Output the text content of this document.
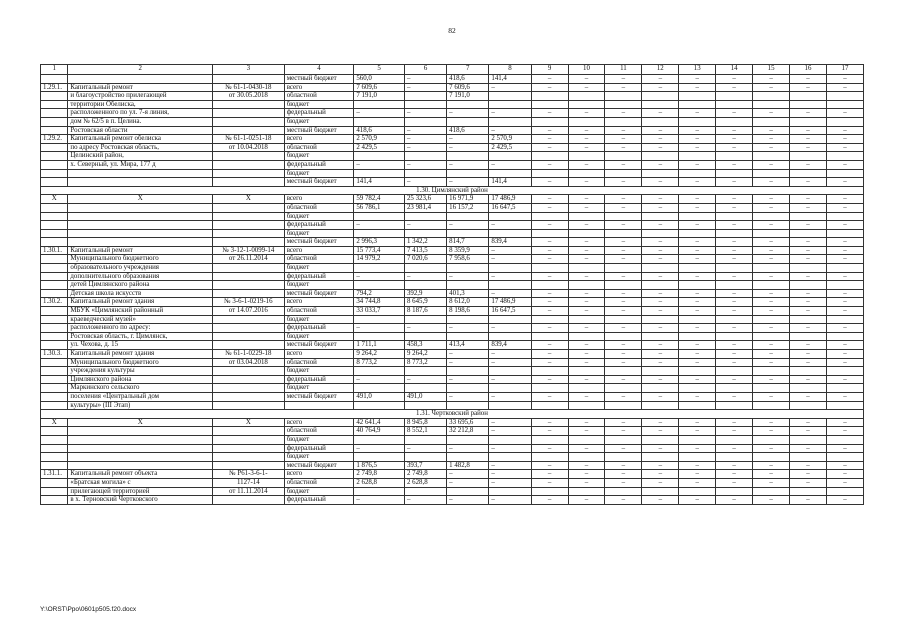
82
1	2	3	4	5	6	7	8	9	10	11	12	13	14	15	16	17
			местный бюджет	560,0	–	418,6	141,4	–	–	–	–	–	–	–	–	–
1.29.1.	Капитальный ремонт	№ 61-1-0430-18	всего	7 609,6	–	7 609,6	–	–	–	–	–	–	–	–	–	–
	и благоустройство прилегающей	от 30.05.2018	областной	7 191,0		7 191,0										
	территории Обелиска,		бюджет													
	расположенного по ул. 7-я линия,		федеральный	–	–	–	–	–	–	–	–	–	–	–	–	–
	дом № 62/5 в п. Целина.		бюджет													
	Ростовская области		местный бюджет	418,6	–	418,6	–	–	–	–	–	–	–	–	–	–
1.29.2.	Капитальный ремонт обелиска	№ 61-1-0251-18	всего	2 570,9	–	–	2 570,9	–	–	–	–	–	–	–	–	–
	по адресу Ростовская область,	от 10.04.2018	областной	2 429,5	–	–	2 429,5	–	–	–	–	–	–	–	–	–
	Целинский район,		бюджет													
	х. Северный, ул. Мира, 177 д		федеральный	–	–	–	–	–	–	–	–	–	–	–	–	–
			бюджет													
			местный бюджет	141,4	–	–	141,4	–	–	–	–	–	–	–	–	–
1.30. Цимлянский район																
X	X	X	всего	59 782,4	25 323,6	16 971,9	17 486,9	–	–	–	–	–	–	–	–	–
			областной	56 786,1	23 981,4	16 157,2	16 647,5	–	–	–	–	–	–	–	–	–
			бюджет													
			федеральный	–	–	–	–	–	–	–	–	–	–	–	–	–
			бюджет													
			местный бюджет	2 996,3	1 342,2	814,7	839,4	–	–	–	–	–	–	–	–	–
1.30.1.	Капитальный ремонт	№ 3-12-1-0099-14	всего	15 773,4	7 413,5	8 359,9	–	–	–	–	–	–	–	–	–	–
	Муниципального бюджетного	от 26.11.2014	областной	14 979,2	7 020,6	7 958,6	–	–	–	–	–	–	–	–	–	–
	образовательного учреждения		бюджет													
	дополнительного образования		федеральный	–	–	–	–	–	–	–	–	–	–	–	–	–
	детей Цимлянского района		бюджет													
	Детская школа искусств		местный бюджет	794,2	392,9	401,3	–	–	–	–	–	–	–	–	–	–
1.30.2.	Капитальный ремонт здания	№ 3-6-1-0219-16	всего	34 744,8	8 645,9	8 612,0	17 486,9	–	–	–	–	–	–	–	–	–
	МБУК «Цимлянский районный	от 14.07.2016	областной	33 033,7	8 187,6	8 198,6	16 647,5	–	–	–	–	–	–	–	–	–
	краеведческий музей»		бюджет													
	расположенного по адресу:		федеральный	–	–	–	–	–	–	–	–	–	–	–	–	–
	Ростовская область, г. Цимлянск,		бюджет													
	ул. Чехова, д. 15		местный бюджет	1 711,1	458,3	413,4	839,4	–	–	–	–	–	–	–	–	–
1.30.3.	Капитальный ремонт здания	№ 61-1-0229-18	всего	9 264,2	9 264,2	–	–	–	–	–	–	–	–	–	–	–
	Муниципального бюджетного	от 03.04.2018	областной	8 773,2	8 773,2	–	–	–	–	–	–	–	–	–	–	–
	учреждения культуры		бюджет													
	Цимлянского района		федеральный	–	–	–	–	–	–	–	–	–	–	–	–	–
	Маркинского сельского		бюджет													
	поселения «Центральный дом		местный бюджет	491,0	491,0	–	–	–	–	–	–	–	–	–	–	–
	культуры» (III Этап)															
1.31. Чертковский район																
X	X	X	всего	42 641,4	8 945,8	33 695,6	–	–	–	–	–	–	–	–	–	–
			областной	40 764,9	8 552,1	32 212,8	–	–	–	–	–	–	–	–	–	–
			бюджет													
			федеральный	–	–	–	–	–	–	–	–	–	–	–	–	–
			бюджет													
			местный бюджет	1 876,5	393,7	1 482,8	–	–	–	–	–	–	–	–	–	–
1.31.1.	Капитальный ремонт объекта	№ Р61-3-6-1-	всего	2 749,8	2 749,8	–	–	–	–	–	–	–	–	–	–	–
	«Братская могила» с	1127-14	областной	2 628,8	2 628,8	–	–	–	–	–	–	–	–	–	–	–
	прилегающей территорией	от 11.11.2014	бюджет													
	в х. Терновский Чертковского		федеральный	–	–	–	–	–	–	–	–	–	–	–	–	–
Y:\ORST\Ppo\0601p505.f20.docx
